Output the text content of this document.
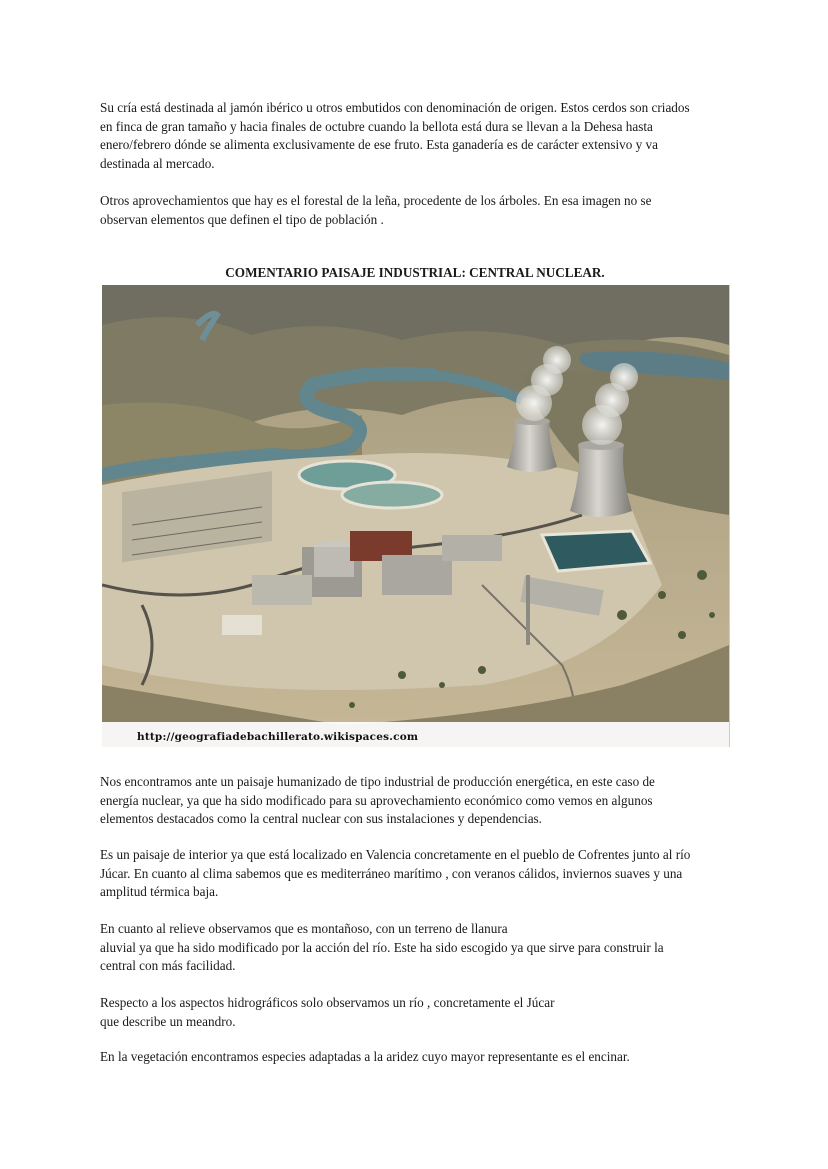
Su cría está destinada al jamón ibérico u otros embutidos con denominación de origen. Estos cerdos son criados
en finca de gran tamaño y hacia finales de octubre cuando la bellota está dura se llevan a la Dehesa hasta
enero/febrero dónde se alimenta exclusivamente de ese fruto. Esta ganadería es de carácter extensivo y va
destinada al mercado.
Otros aprovechamientos que hay es el forestal de la leña, procedente de los árboles. En esa imagen no se
observan elementos que definen el tipo de población .
COMENTARIO PAISAJE INDUSTRIAL: CENTRAL NUCLEAR.
http://geografiadebachillerato.wikispaces.com
Nos encontramos ante un paisaje humanizado de tipo industrial de producción energética, en este caso de
energía nuclear, ya que ha sido modificado para su aprovechamiento económico como vemos en algunos
elementos destacados como la central nuclear con sus instalaciones y dependencias.
Es un paisaje de interior ya que está localizado en Valencia concretamente en el pueblo de Cofrentes junto al río
Júcar. En cuanto al clima sabemos que es mediterráneo marítimo , con veranos cálidos, inviernos suaves y una
amplitud térmica baja.
En cuanto al relieve observamos que es montañoso, con un terreno de llanura
aluvial ya que ha sido modificado por la acción del río. Este ha sido escogido ya que sirve para construir la
central con más facilidad.
Respecto a los aspectos hidrográficos solo observamos un río , concretamente el Júcar
que describe un meandro.
En la vegetación encontramos especies adaptadas a la aridez cuyo mayor representante es el encinar.
